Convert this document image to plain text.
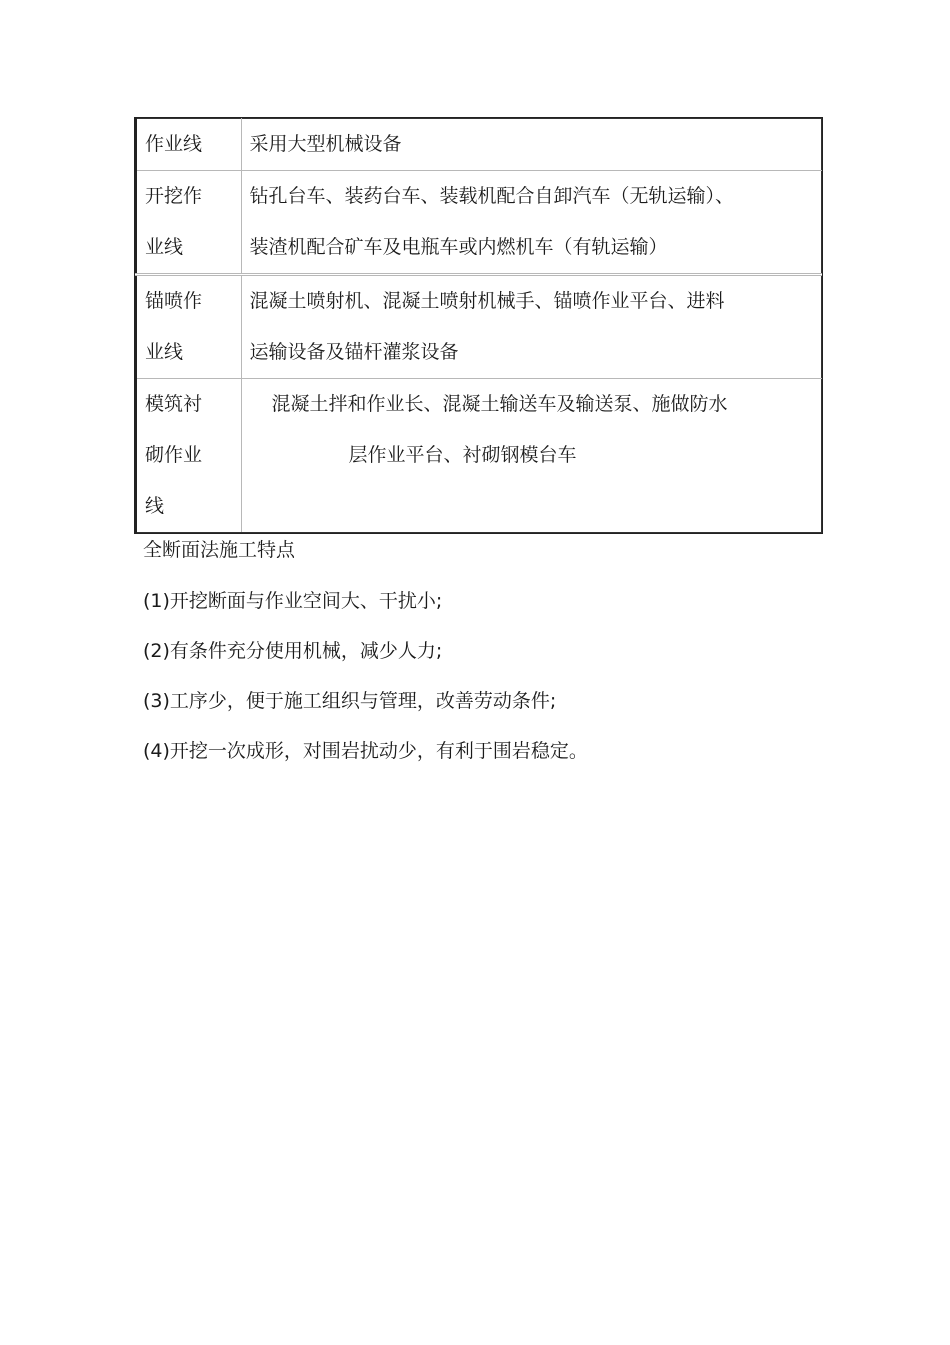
作业线	采用大型机械设备

开挖作
业线	钻孔台车、装药台车、装载机配合自卸汽车（无轨运输）、
装渣机配合矿车及电瓶车或内燃机车（有轨运输）

锚喷作
业线	混凝土喷射机、混凝土喷射机械手、锚喷作业平台、进料
运输设备及锚杆灌浆设备

模筑衬
砌作业
线	混凝土拌和作业长、混凝土输送车及输送泵、施做防水
层作业平台、衬砌钢模台车

全断面法施工特点

(1)开挖断面与作业空间大、干扰小;

(2)有条件充分使用机械，减少人力;

(3)工序少，便于施工组织与管理，改善劳动条件;

(4)开挖一次成形，对围岩扰动少，有利于围岩稳定。
